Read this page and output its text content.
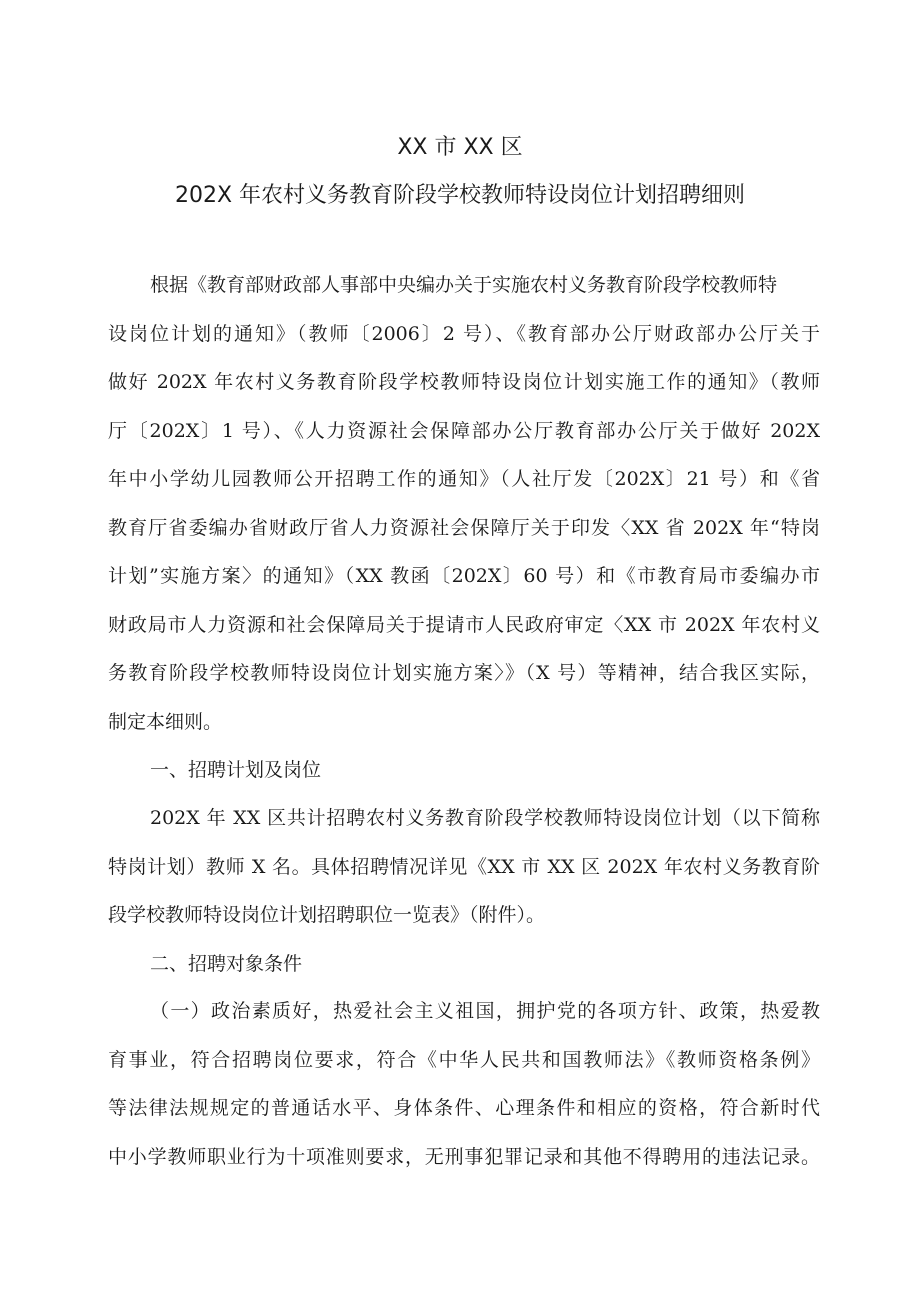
XX 市 XX 区
202X 年农村义务教育阶段学校教师特设岗位计划招聘细则
根据《教育部财政部人事部中央编办关于实施农村义务教育阶段学校教师特
设岗位计划的通知》（教师〔2006〕2 号）、《教育部办公厅财政部办公厅关于
做好 202X 年农村义务教育阶段学校教师特设岗位计划实施工作的通知》（教师
厅〔202X〕1 号）、《人力资源社会保障部办公厅教育部办公厅关于做好 202X
年中小学幼儿园教师公开招聘工作的通知》（人社厅发〔202X〕21 号）和《省
教育厅省委编办省财政厅省人力资源社会保障厅关于印发〈XX 省 202X 年“特岗
计划”实施方案〉的通知》（XX 教函〔202X〕60 号）和《市教育局市委编办市
财政局市人力资源和社会保障局关于提请市人民政府审定〈XX 市 202X 年农村义
务教育阶段学校教师特设岗位计划实施方案〉》（X 号）等精神，结合我区实际，
制定本细则。
一、招聘计划及岗位
202X 年 XX 区共计招聘农村义务教育阶段学校教师特设岗位计划（以下简称
特岗计划）教师 X 名。具体招聘情况详见《XX 市 XX 区 202X 年农村义务教育阶
段学校教师特设岗位计划招聘职位一览表》（附件）。
二、招聘对象条件
（一）政治素质好，热爱社会主义祖国，拥护党的各项方针、政策，热爱教
育事业，符合招聘岗位要求，符合《中华人民共和国教师法》《教师资格条例》
等法律法规规定的普通话水平、身体条件、心理条件和相应的资格，符合新时代
中小学教师职业行为十项准则要求，无刑事犯罪记录和其他不得聘用的违法记录。
